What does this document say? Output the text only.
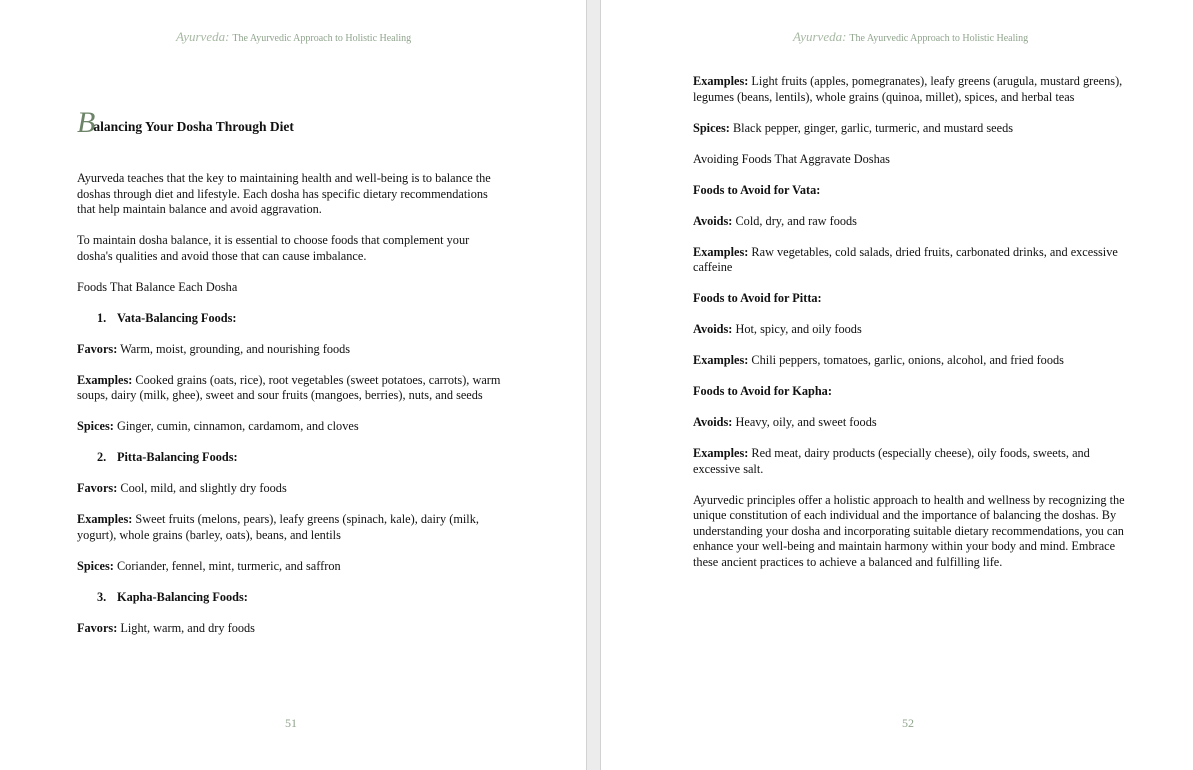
Ayurveda: The Ayurvedic Approach to Holistic Healing
Balancing Your Dosha Through Diet

Ayurveda teaches that the key to maintaining health and well-being is to balance the doshas through diet and lifestyle. Each dosha has specific dietary recommendations that help maintain balance and avoid aggravation.

To maintain dosha balance, it is essential to choose foods that complement your dosha's qualities and avoid those that can cause imbalance.

Foods That Balance Each Dosha

1. Vata-Balancing Foods:

Favors: Warm, moist, grounding, and nourishing foods

Examples: Cooked grains (oats, rice), root vegetables (sweet potatoes, carrots), warm soups, dairy (milk, ghee), sweet and sour fruits (mangoes, berries), nuts, and seeds

Spices: Ginger, cumin, cinnamon, cardamom, and cloves

2. Pitta-Balancing Foods:

Favors: Cool, mild, and slightly dry foods

Examples: Sweet fruits (melons, pears), leafy greens (spinach, kale), dairy (milk, yogurt), whole grains (barley, oats), beans, and lentils

Spices: Coriander, fennel, mint, turmeric, and saffron

3. Kapha-Balancing Foods:

Favors: Light, warm, and dry foods

51
Ayurveda: The Ayurvedic Approach to Holistic Healing

Examples: Light fruits (apples, pomegranates), leafy greens (arugula, mustard greens), legumes (beans, lentils), whole grains (quinoa, millet), spices, and herbal teas

Spices: Black pepper, ginger, garlic, turmeric, and mustard seeds

Avoiding Foods That Aggravate Doshas

Foods to Avoid for Vata:

Avoids: Cold, dry, and raw foods

Examples: Raw vegetables, cold salads, dried fruits, carbonated drinks, and excessive caffeine

Foods to Avoid for Pitta:

Avoids: Hot, spicy, and oily foods

Examples: Chili peppers, tomatoes, garlic, onions, alcohol, and fried foods

Foods to Avoid for Kapha:

Avoids: Heavy, oily, and sweet foods

Examples: Red meat, dairy products (especially cheese), oily foods, sweets, and excessive salt.

Ayurvedic principles offer a holistic approach to health and wellness by recognizing the unique constitution of each individual and the importance of balancing the doshas. By understanding your dosha and incorporating suitable dietary recommendations, you can enhance your well-being and maintain harmony within your body and mind. Embrace these ancient practices to achieve a balanced and fulfilling life.

52
